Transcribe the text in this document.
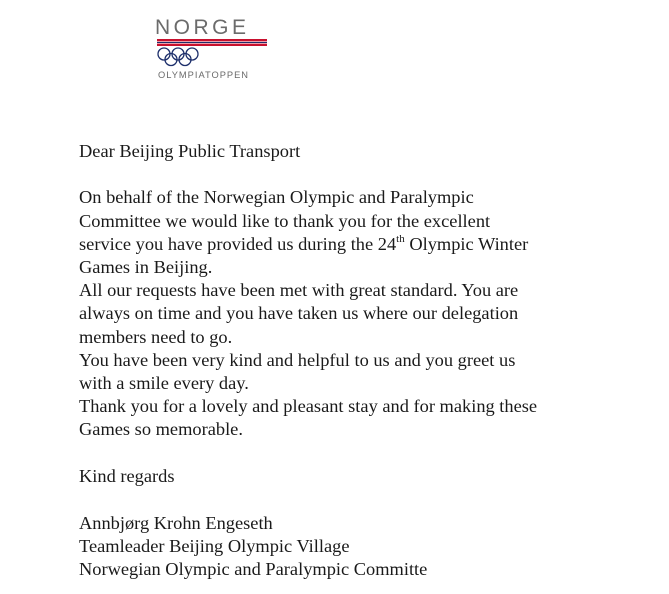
NORGE

OLYMPIATOPPEN

Dear Beijing Public Transport

On behalf of the Norwegian Olympic and Paralympic

Committee we would like to thank you for the excellent

service you have provided us during the 24th Olympic Winter

Games in Beijing.

All our requests have been met with great standard. You are

always on time and you have taken us where our delegation

members need to go.

You have been very kind and helpful to us and you greet us

with a smile every day.

Thank you for a lovely and pleasant stay and for making these

Games so memorable.

Kind regards

Annbjørg Krohn Engeseth

Teamleader Beijing Olympic Village

Norwegian Olympic and Paralympic Committe
